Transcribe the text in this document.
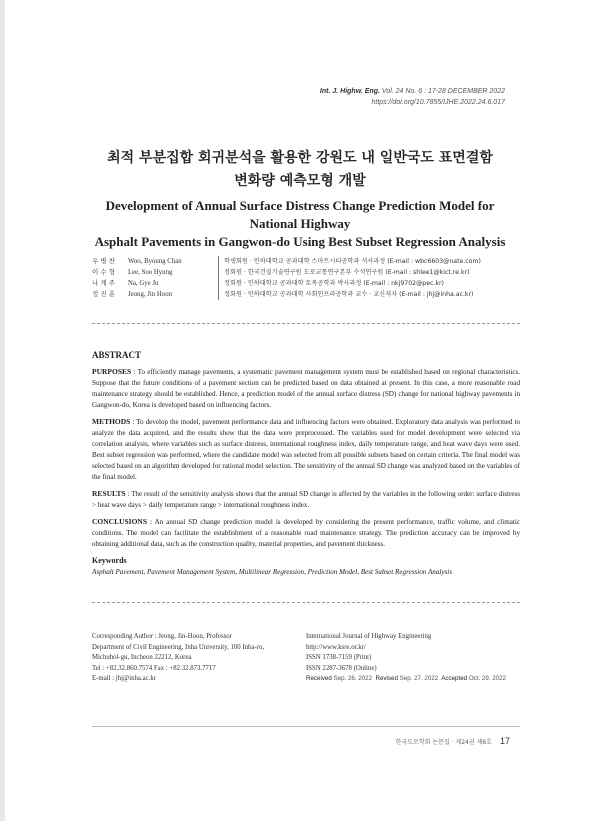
Int. J. Highw. Eng. Vol. 24 No. 6 : 17-28 DECEMBER 2022
https://doi.org/10.7855/IJHE.2022.24.6.017
최적 부분집합 회귀분석을 활용한 강원도 내 일반국도 표면결함
변화량 예측모형 개발
Development of Annual Surface Distress Change Prediction Model for National Highway
Asphalt Pavements in Gangwon-do Using Best Subset Regression Analysis
우 병 찬	Woo, Byoung Chan	학생회원 · 인하대학교 공과대학 스마트시티공학과 석사과정 (E-mail : wbc6603@nate.com)
이 수 형	Lee, Soo Hyung	정회원 · 한국건설기술연구원 도로교통연구본부 수석연구원 (E-mail : shlee1@kict.re.kr)
나 계 주	Na, Gye Ju	정회원 · 인하대학교 공과대학 토목공학과 박사과정 (E-mail : nkj9702@pec.kr)
정 진 훈	Jeong, Jin Hoon	정회원 · 인하대학교 공과대학 사회인프라공학과 교수 · 교신저자 (E-mail : jhj@inha.ac.kr)
ABSTRACT

PURPOSES : To efficiently manage pavements, a systematic pavement management system must be established based on regional characteristics. Suppose that the future conditions of a pavement section can be predicted based on data obtained at present. In this case, a more reasonable road maintenance strategy should be established. Hence, a prediction model of the annual surface distress (SD) change for national highway pavements in Gangwon-do, Korea is developed based on influencing factors.

METHODS : To develop the model, pavement performance data and influencing factors were obtained. Exploratory data analysis was performed to analyze the data acquired, and the results show that the data were preprocessed. The variables used for model development were selected via correlation analysis, where variables such as surface distress, international roughness index, daily temperature range, and heat wave days were used. Best subset regression was performed, where the candidate model was selected from all possible subsets based on certain criteria. The final model was selected based on an algorithm developed for rational model selection. The sensitivity of the annual SD change was analyzed based on the variables of the final model.

RESULTS : The result of the sensitivity analysis shows that the annual SD change is affected by the variables in the following order: surface distress > heat wave days > daily temperature range > international roughness index.

CONCLUSIONS : An annual SD change prediction model is developed by considering the present performance, traffic volume, and climatic conditions. The model can facilitate the establishment of a reasonable road maintenance strategy. The prediction accuracy can be improved by obtaining additional data, such as the construction quality, material properties, and pavement thickness.

Keywords

Asphalt Pavement, Pavement Management System, Multilinear Regression, Prediction Model, Best Subset Regression Analysis

Corresponding Author : Jeong, Jin-Hoon, Professor
Department of Civil Engineering, Inha University, 100 Inha-ro,
Michuhol-gu, Incheon 22212, Korea
Tel : +82.32.860.7574 Fax : +82.32.873.7717
E-mail : jhj@inha.ac.kr
International Journal of Highway Engineering
http://www.ksre.or.kr/
ISSN 1738-7159 (Print)
ISSN 2287-3678 (Online)
Received Sep. 26. 2022 Revised Sep. 27. 2022 Accepted Oct. 29. 2022
한국도로학회 논문집 · 제24권 제6호 17
